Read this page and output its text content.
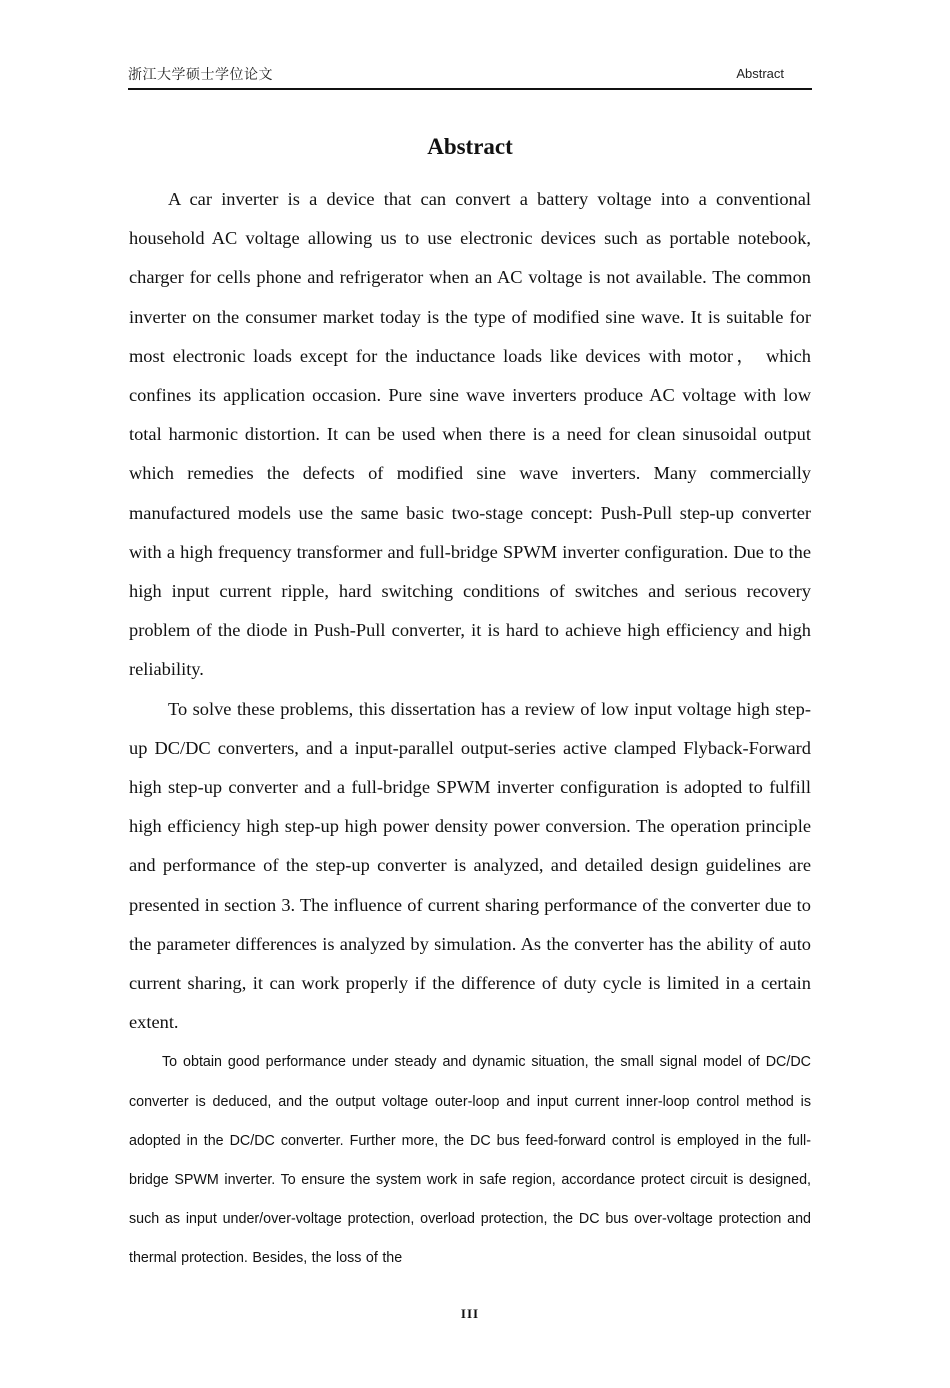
浙江大学硕士学位论文	Abstract
Abstract

A car inverter is a device that can convert a battery voltage into a conventional household AC voltage allowing us to use electronic devices such as portable notebook, charger for cells phone and refrigerator when an AC voltage is not available. The common inverter on the consumer market today is the type of modified sine wave. It is suitable for most electronic loads except for the inductance loads like devices with motor， which confines its application occasion. Pure sine wave inverters produce AC voltage with low total harmonic distortion. It can be used when there is a need for clean sinusoidal output which remedies the defects of modified sine wave inverters. Many commercially manufactured models use the same basic two-stage concept: Push-Pull step-up converter with a high frequency transformer and full-bridge SPWM inverter configuration. Due to the high input current ripple, hard switching conditions of switches and serious recovery problem of the diode in Push-Pull converter, it is hard to achieve high efficiency and high reliability.

To solve these problems, this dissertation has a review of low input voltage high step-up DC/DC converters, and a input-parallel output-series active clamped Flyback-Forward high step-up converter and a full-bridge SPWM inverter configuration is adopted to fulfill high efficiency high step-up high power density power conversion. The operation principle and performance of the step-up converter is analyzed, and detailed design guidelines are presented in section 3. The influence of current sharing performance of the converter due to the parameter differences is analyzed by simulation. As the converter has the ability of auto current sharing, it can work properly if the difference of duty cycle is limited in a certain extent.

To obtain good performance under steady and dynamic situation, the small signal model of DC/DC converter is deduced, and the output voltage outer-loop and input current inner-loop control method is adopted in the DC/DC converter. Further more, the DC bus feed-forward control is employed in the full-bridge SPWM inverter. To ensure the system work in safe region, accordance protect circuit is designed, such as input under/over-voltage protection, overload protection, the DC bus over-voltage protection and thermal protection. Besides, the loss of the

III
